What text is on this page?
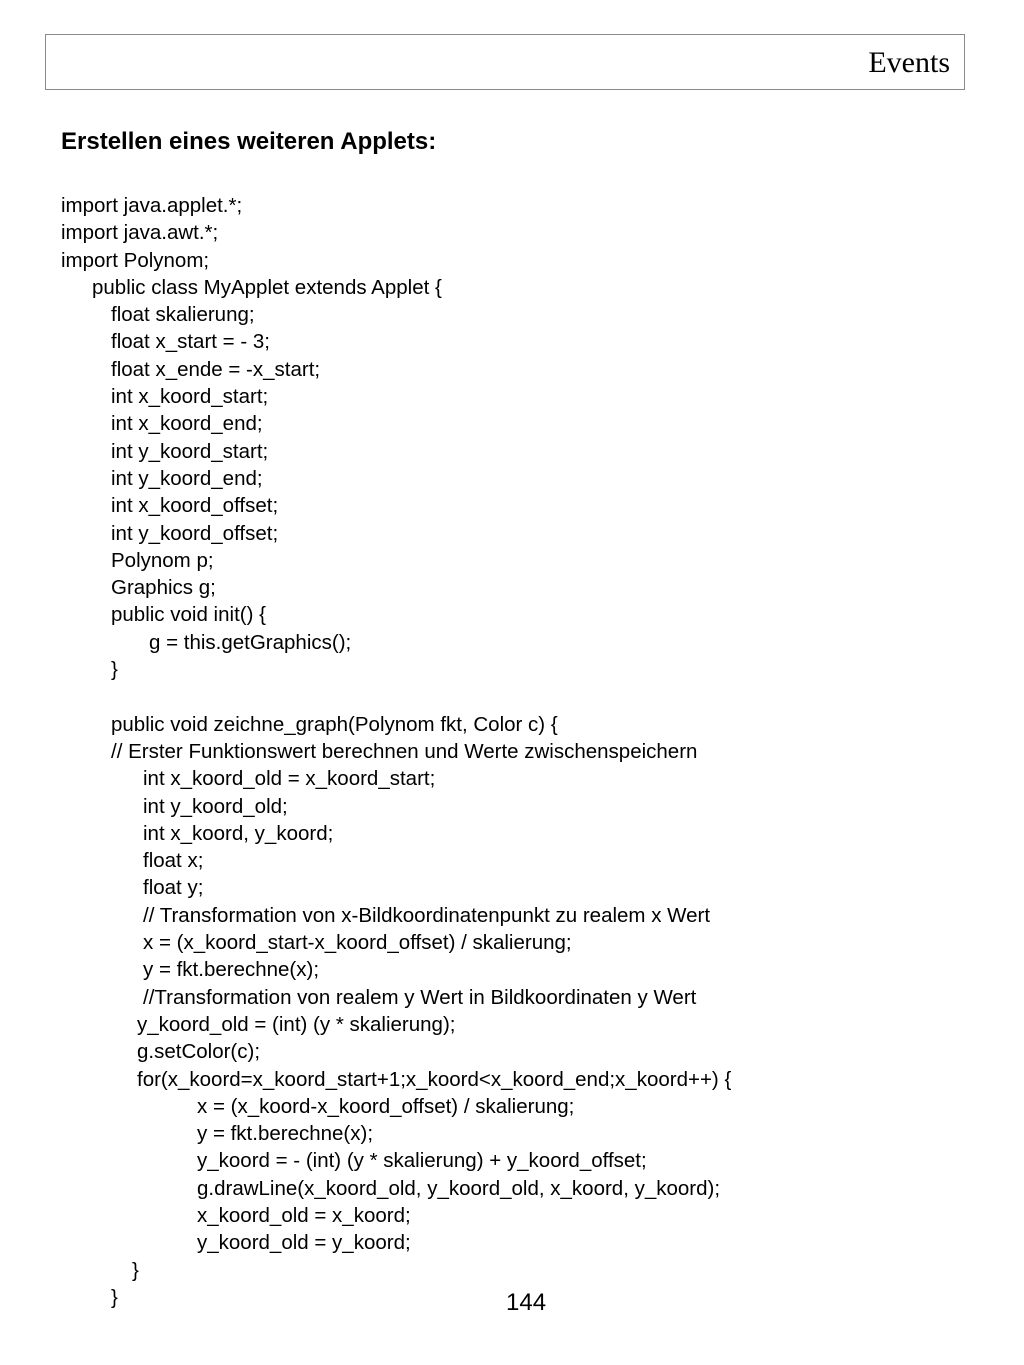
Events
Erstellen eines weiteren Applets:
import java.applet.*;
import java.awt.*;
import Polynom;
public class MyApplet extends Applet {
float skalierung;
float x_start = - 3;
float x_ende = -x_start;
int x_koord_start;
int x_koord_end;
int y_koord_start;
int y_koord_end;
int x_koord_offset;
int y_koord_offset;
Polynom p;
Graphics g;
public void init() {
g = this.getGraphics();
}
public void zeichne_graph(Polynom fkt, Color c) {
// Erster Funktionswert berechnen und Werte zwischenspeichern
int x_koord_old = x_koord_start;
int y_koord_old;
int x_koord, y_koord;
float x;
float y;
// Transformation von x-Bildkoordinatenpunkt zu realem x Wert
x = (x_koord_start-x_koord_offset) / skalierung;
y = fkt.berechne(x);
//Transformation von realem y Wert in Bildkoordinaten y Wert
y_koord_old = (int) (y * skalierung);
g.setColor(c);
for(x_koord=x_koord_start+1;x_koord<x_koord_end;x_koord++) {
x = (x_koord-x_koord_offset) / skalierung;
y = fkt.berechne(x);
y_koord = - (int) (y * skalierung) + y_koord_offset;
g.drawLine(x_koord_old, y_koord_old, x_koord, y_koord);
x_koord_old = x_koord;
y_koord_old = y_koord;
}
}	144
